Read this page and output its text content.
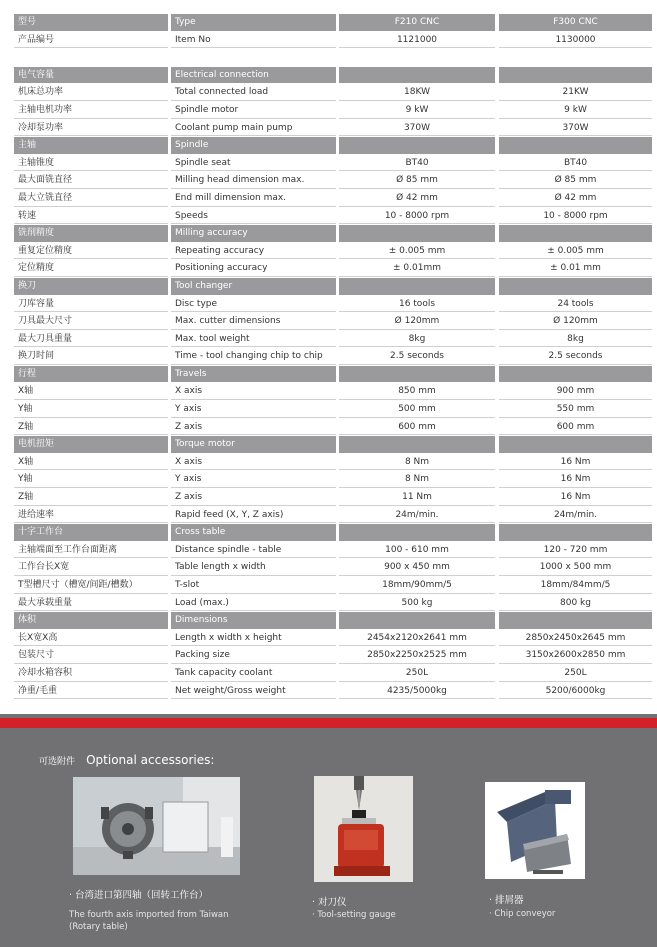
型号	Type	F210 CNC	F300 CNC
产品编号	Item No	1121000	1130000
电气容量	Electrical connection
机床总功率	Total connected load	18KW	21KW
主轴电机功率	Spindle motor	9 kW	9 kW
冷却泵功率	Coolant pump main pump	370W	370W
主轴	Spindle
主轴锥度	Spindle seat	BT40	BT40
最大面铣直径	Milling head dimension max.	Ø 85 mm	Ø 85 mm
最大立铣直径	End mill dimension max.	Ø 42 mm	Ø 42 mm
转速	Speeds	10 - 8000 rpm	10 - 8000 rpm
铣削精度	Milling accuracy
重复定位精度	Repeating accuracy	± 0.005 mm	± 0.005 mm
定位精度	Positioning accuracy	± 0.01mm	± 0.01 mm
换刀	Tool changer
刀库容量	Disc type	16 tools	24 tools
刀具最大尺寸	Max. cutter dimensions	Ø 120mm	Ø 120mm
最大刀具重量	Max. tool weight	8kg	8kg
换刀时间	Time - tool changing chip to chip	2.5 seconds	2.5 seconds
行程	Travels
X轴	X axis	850 mm	900 mm
Y轴	Y axis	500 mm	550 mm
Z轴	Z axis	600 mm	600 mm
电机扭矩	Torque motor
X轴	X axis	8 Nm	16 Nm
Y轴	Y axis	8 Nm	16 Nm
Z轴	Z axis	11 Nm	16 Nm
进给速率	Rapid feed (X, Y, Z axis)	24m/min.	24m/min.
十字工作台	Cross table
主轴端面至工作台面距离	Distance spindle - table	100 - 610 mm	120 - 720 mm
工作台长X宽	Table length x width	900 x 450 mm	1000 x 500 mm
T型槽尺寸（槽宽/间距/槽数）	T-slot	18mm/90mm/5	18mm/84mm/5
最大承载重量	Load (max.)	500 kg	800 kg
体积	Dimensions
长X宽X高	Length x width x height	2454x2120x2641 mm	2850x2450x2645 mm
包装尺寸	Packing size	2850x2250x2525 mm	3150x2600x2850 mm
冷却水箱容积	Tank capacity coolant	250L	250L
净重/毛重	Net weight/Gross weight	4235/5000kg	5200/6000kg
可选附件 Optional accessories:
· 台湾进口第四轴（回转工作台）
The fourth axis imported from Taiwan
(Rotary table)
· 对刀仪
· Tool-setting gauge
· 排屑器
· Chip conveyor
